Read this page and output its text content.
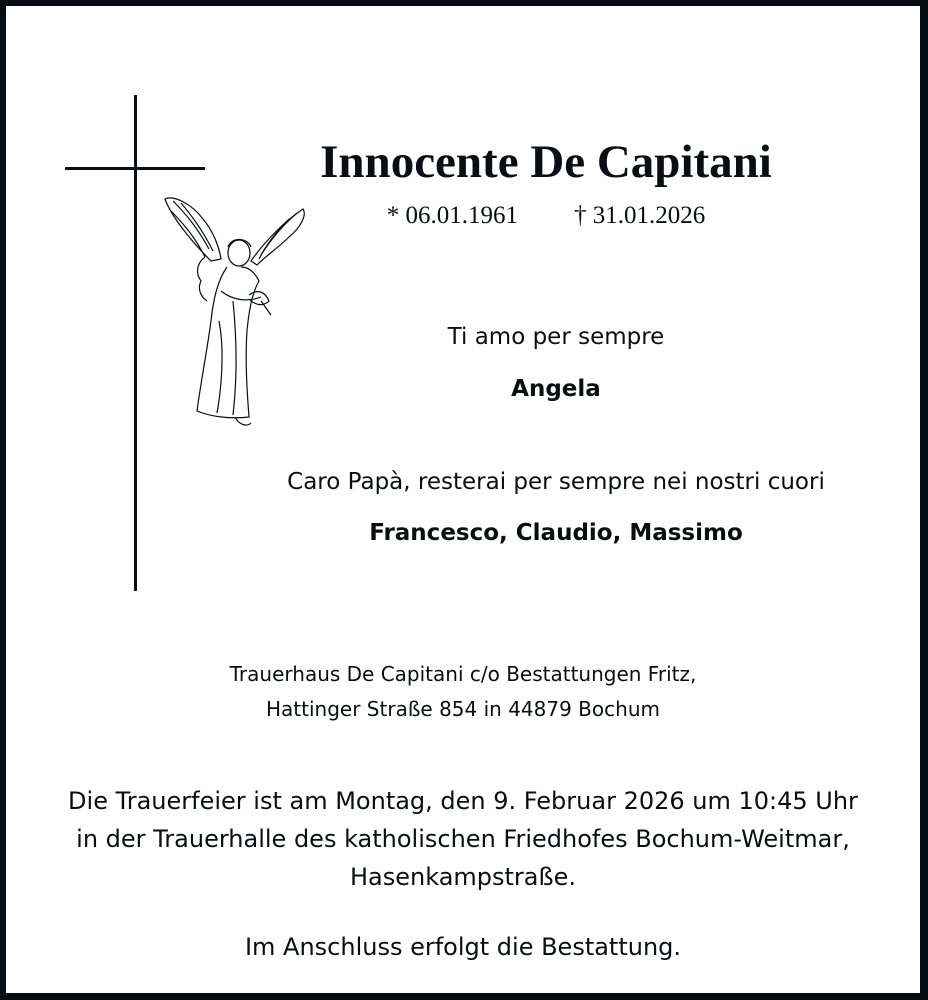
Innocente De Capitani
* 06.01.1961 † 31.01.2026
Ti amo per sempre
Angela
Caro Papà, resterai per sempre nei nostri cuori
Francesco, Claudio, Massimo
Trauerhaus De Capitani c/o Bestattungen Fritz,
Hattinger Straße 854 in 44879 Bochum
Die Trauerfeier ist am Montag, den 9. Februar 2026 um 10:45 Uhr
in der Trauerhalle des katholischen Friedhofes Bochum-Weitmar,
Hasenkampstraße.
Im Anschluss erfolgt die Bestattung.
